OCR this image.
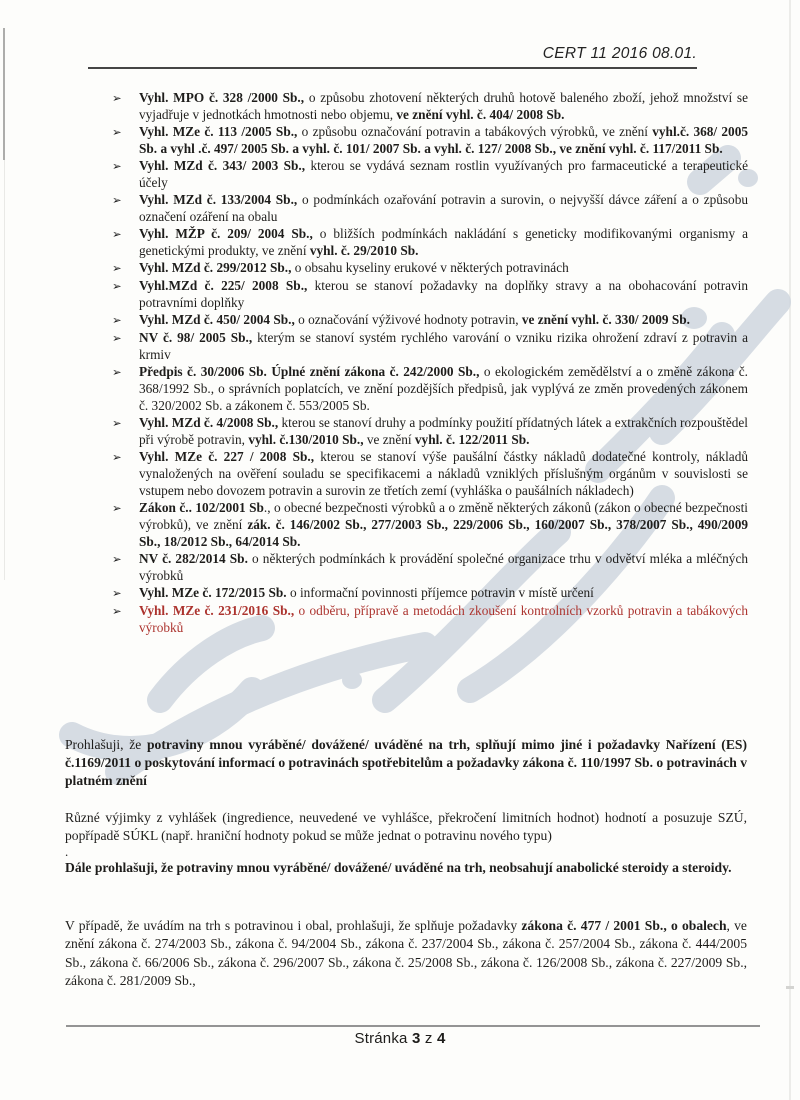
CERT 11 2016 08.01.
➢	Vyhl. MPO č. 328 /2000 Sb., o způsobu zhotovení některých druhů hotově baleného zboží, jehož množství se vyjadřuje v jednotkách hmotnosti nebo objemu, ve znění vyhl. č. 404/ 2008 Sb.
➢	Vyhl. MZe č. 113 /2005 Sb., o způsobu označování potravin a tabákových výrobků, ve znění vyhl.č. 368/ 2005 Sb. a vyhl .č. 497/ 2005 Sb. a vyhl. č. 101/ 2007 Sb. a vyhl. č. 127/ 2008 Sb., ve znění vyhl. č. 117/2011 Sb.
➢	Vyhl. MZd č. 343/ 2003 Sb., kterou se vydává seznam rostlin využívaných pro farmaceutické a terapeutické účely
➢	Vyhl. MZd č. 133/2004 Sb., o podmínkách ozařování potravin a surovin, o nejvyšší dávce záření a o způsobu označení ozáření na obalu
➢	Vyhl. MŽP č. 209/ 2004 Sb., o bližších podmínkách nakládání s geneticky modifikovanými organismy a genetickými produkty, ve znění vyhl. č. 29/2010 Sb.
➢	Vyhl. MZd č. 299/2012 Sb., o obsahu kyseliny erukové v některých potravinách
➢	Vyhl.MZd č. 225/ 2008 Sb., kterou se stanoví požadavky na doplňky stravy a na obohacování potravin potravními doplňky
➢	Vyhl. MZd č. 450/ 2004 Sb., o označování výživové hodnoty potravin, ve znění vyhl. č. 330/ 2009 Sb.
➢	NV č. 98/ 2005 Sb., kterým se stanoví systém rychlého varování o vzniku rizika ohrožení zdraví z potravin a krmiv
➢	Předpis č. 30/2006 Sb. Úplné znění zákona č. 242/2000 Sb., o ekologickém zemědělství a o změně zákona č. 368/1992 Sb., o správních poplatcích, ve znění pozdějších předpisů, jak vyplývá ze změn provedených zákonem č. 320/2002 Sb. a zákonem č. 553/2005 Sb.
➢	Vyhl. MZd č. 4/2008 Sb., kterou se stanoví druhy a podmínky použití přídatných látek a extrakčních rozpouštědel při výrobě potravin, vyhl. č.130/2010 Sb., ve znění vyhl. č. 122/2011 Sb.
➢	Vyhl. MZe č. 227 / 2008 Sb., kterou se stanoví výše paušální částky nákladů dodatečné kontroly, nákladů vynaložených na ověření souladu se specifikacemi a nákladů vzniklých příslušným orgánům v souvislosti se vstupem nebo dovozem potravin a surovin ze třetích zemí (vyhláška o paušálních nákladech)
➢	Zákon č.. 102/2001 Sb., o obecné bezpečnosti výrobků a o změně některých zákonů (zákon o obecné bezpečnosti výrobků), ve znění zák. č. 146/2002 Sb., 277/2003 Sb., 229/2006 Sb., 160/2007 Sb., 378/2007 Sb., 490/2009 Sb., 18/2012 Sb., 64/2014 Sb.
➢	NV č. 282/2014 Sb. o některých podmínkách k provádění společné organizace trhu v odvětví mléka a mléčných výrobků
➢	Vyhl. MZe č. 172/2015 Sb. o informační povinnosti příjemce potravin v místě určení
➢	Vyhl. MZe č. 231/2016 Sb., o odběru, přípravě a metodách zkoušení kontrolních vzorků potravin a tabákových výrobků
Prohlašuji, že potraviny mnou vyráběné/ dovážené/ uváděné na trh, splňují mimo jiné i požadavky Nařízení (ES) č.1169/2011 o poskytování informací o potravinách spotřebitelům a požadavky zákona č. 110/1997 Sb. o potravinách v platném znění
Různé výjimky z vyhlášek (ingredience, neuvedené ve vyhlášce, překročení limitních hodnot) hodnotí a posuzuje SZÚ, popřípadě SÚKL (např. hraniční hodnoty pokud se může jednat o potravinu nového typu)
.
Dále prohlašuji, že potraviny mnou vyráběné/ dovážené/ uváděné na trh, neobsahují anabolické steroidy a steroidy.
V případě, že uvádím na trh s potravinou i obal, prohlašuji, že splňuje požadavky zákona č. 477 / 2001 Sb., o obalech, ve znění zákona č. 274/2003 Sb., zákona č. 94/2004 Sb., zákona č. 237/2004 Sb., zákona č. 257/2004 Sb., zákona č. 444/2005 Sb., zákona č. 66/2006 Sb., zákona č. 296/2007 Sb., zákona č. 25/2008 Sb., zákona č. 126/2008 Sb., zákona č. 227/2009 Sb., zákona č. 281/2009 Sb.,
Stránka 3 z 4
